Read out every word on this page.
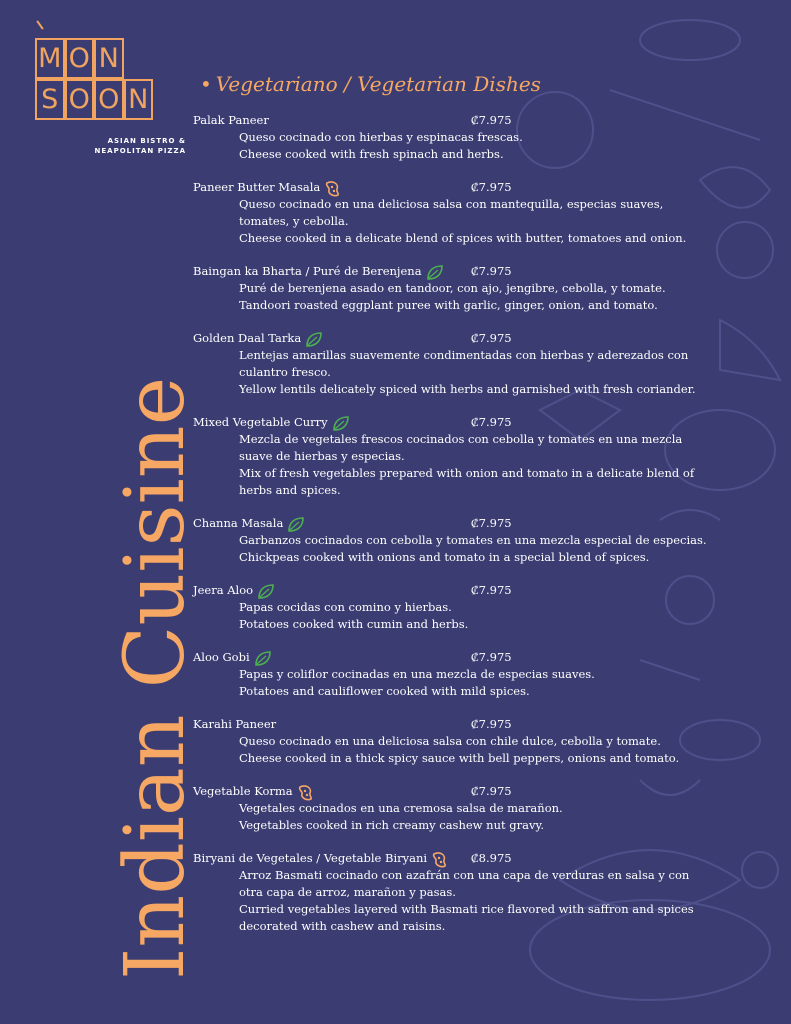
M O N
S O O N
ASIAN BISTRO &
NEAPOLITAN PIZZA
Indian Cuisine
• Vegetariano / Vegetarian Dishes
Palak Paneer	₡7.975
Queso cocinado con hierbas y espinacas frescas.
Cheese cooked with fresh spinach and herbs.
Paneer Butter Masala	₡7.975
Queso cocinado en una deliciosa salsa con mantequilla, especias suaves,
tomates, y cebolla.
Cheese cooked in a delicate blend of spices with butter, tomatoes and onion.
Baingan ka Bharta / Puré de Berenjena	₡7.975
Puré de berenjena asado en tandoor, con ajo, jengibre, cebolla, y tomate.
Tandoori roasted eggplant puree with garlic, ginger, onion, and tomato.
Golden Daal Tarka	₡7.975
Lentejas amarillas suavemente condimentadas con hierbas y aderezados con
culantro fresco.
Yellow lentils delicately spiced with herbs and garnished with fresh coriander.
Mixed Vegetable Curry	₡7.975
Mezcla de vegetales frescos cocinados con cebolla y tomates en una mezcla
suave de hierbas y especias.
Mix of fresh vegetables prepared with onion and tomato in a delicate blend of
herbs and spices.
Channa Masala	₡7.975
Garbanzos cocinados con cebolla y tomates en una mezcla especial de especias.
Chickpeas cooked with onions and tomato in a special blend of spices.
Jeera Aloo	₡7.975
Papas cocidas con comino y hierbas.
Potatoes cooked with cumin and herbs.
Aloo Gobi	₡7.975
Papas y coliflor cocinadas en una mezcla de especias suaves.
Potatoes and cauliflower cooked with mild spices.
Karahi Paneer	₡7.975
Queso cocinado en una deliciosa salsa con chile dulce, cebolla y tomate.
Cheese cooked in a thick spicy sauce with bell peppers, onions and tomato.
Vegetable Korma	₡7.975
Vegetales cocinados en una cremosa salsa de marañon.
Vegetables cooked in rich creamy cashew nut gravy.
Biryani de Vegetales / Vegetable Biryani	₡8.975
Arroz Basmati cocinado con azafrán con una capa de verduras en salsa y con
otra capa de arroz, marañon y pasas.
Curried vegetables layered with Basmati rice flavored with saffron and spices
decorated with cashew and raisins.
